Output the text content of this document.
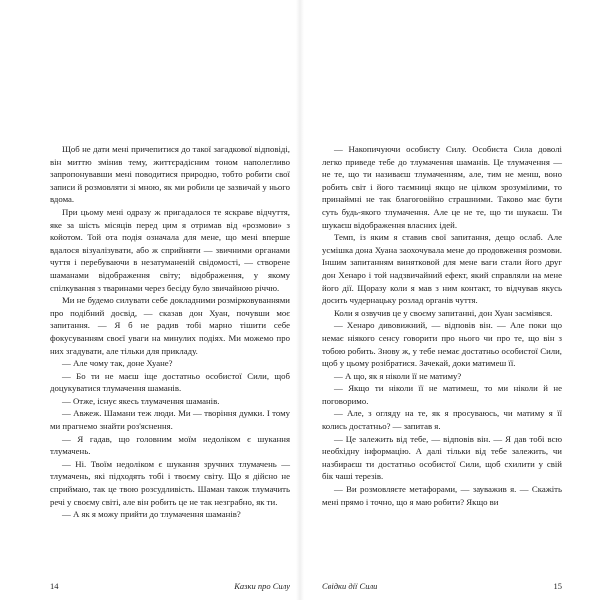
Щоб не дати мені причепитися до такої загадкової відповіді, він миттю змінив тему, життєрадісним тоном наполегливо запропонувавши мені поводитися природно, тобто робити свої записи й розмовляти зі мною, як ми робили це зазвичай у нього вдома.

При цьому мені одразу ж пригадалося те яскраве відчуття, яке за шість місяців перед цим я отримав від «розмови» з койотом. Той ота подія означала для мене, що мені вперше вдалося візуалізувати, або ж сприйняти — звичними органами чуття і перебуваючи в незатуманеній свідомості, — створене шаманами відображення світу; відображення, у якому спілкування з тваринами через бесіду було звичайною річчю.

Ми не будемо силувати себе докладними розмірковуваннями про подібний досвід, — сказав дон Хуан, почувши моє запитання. — Я б не радив тобі марно тішити себе фокусуванням своєї уваги на минулих подіях. Ми можемо про них згадувати, але тільки для прикладу.

— Але чому так, доне Хуане?

— Бо ти не маєш іще достатньо особистої Сили, щоб доцукуватися тлумачення шаманів.

— Отже, існує якесь тлумачення шаманів.

— Авжеж. Шамани теж люди. Ми — творіння думки. І тому ми прагнемо знайти роз'яснення.

— Я гадав, що головним моїм недоліком є шукання тлумачень.

— Ні. Твоїм недоліком є шукання зручних тлумачень — тлумачень, які підходять тобі і твоєму світу. Що я дійсно не сприймаю, так це твою розсудливість. Шаман також тлумачить речі у своєму світі, але він робить це не так незграбно, як ти.

— А як я можу прийти до тлумачення шаманів?

14	Казки про Силу

— Накопичуючи особисту Силу. Особиста Сила доволі легко приведе тебе до тлумачення шаманів. Це тлумачення — не те, що ти називаєш тлумаченням, але, тим не менш, воно робить світ і його таємниці якщо не цілком зрозумілими, то принаймні не так благоговійно страшними. Таково має бути суть будь-якого тлумачення. Але це не те, що ти шукаєш. Ти шукаєш відображення власних ідей.

Темп, із яким я ставив свої запитання, дещо ослаб. Але усмішка дона Хуана заохочувала мене до продовження розмови. Іншим запитанням винятковой для мене ваги стали його друг дон Хенаро і той надзвичайний ефект, який справляли на мене його дії. Щоразу коли я мав з ним контакт, то відчував якусь досить чудернацьку розлад органів чуття.

Коли я озвучив це у своєму запитанні, дон Хуан засміявся.

— Хенаро дивовижний, — відповів він. — Але поки що немає ніякого сенсу говорити про нього чи про те, що він з тобою робить. Знову ж, у тебе немає достатньо особистої Сили, щоб у цьому розібратися. Зачекай, доки матимеш її.

— А що, як я ніколи її не матиму?

— Якщо ти ніколи її не матимеш, то ми ніколи й не поговоримо.

— Але, з огляду на те, як я просуваюсь, чи матиму я її колись достатньо? — запитав я.

— Це залежить від тебе, — відповів він. — Я дав тобі всю необхідну інформацію. А далі тільки від тебе залежить, чи назбираєш ти достатньо особистої Сили, щоб схилити у свій бік чаші терезів.

— Ви розмовляєте метафорами, — зауважив я. — Скажіть мені прямо і точно, що я маю робити? Якщо ви

Свідки дії Сили	15
